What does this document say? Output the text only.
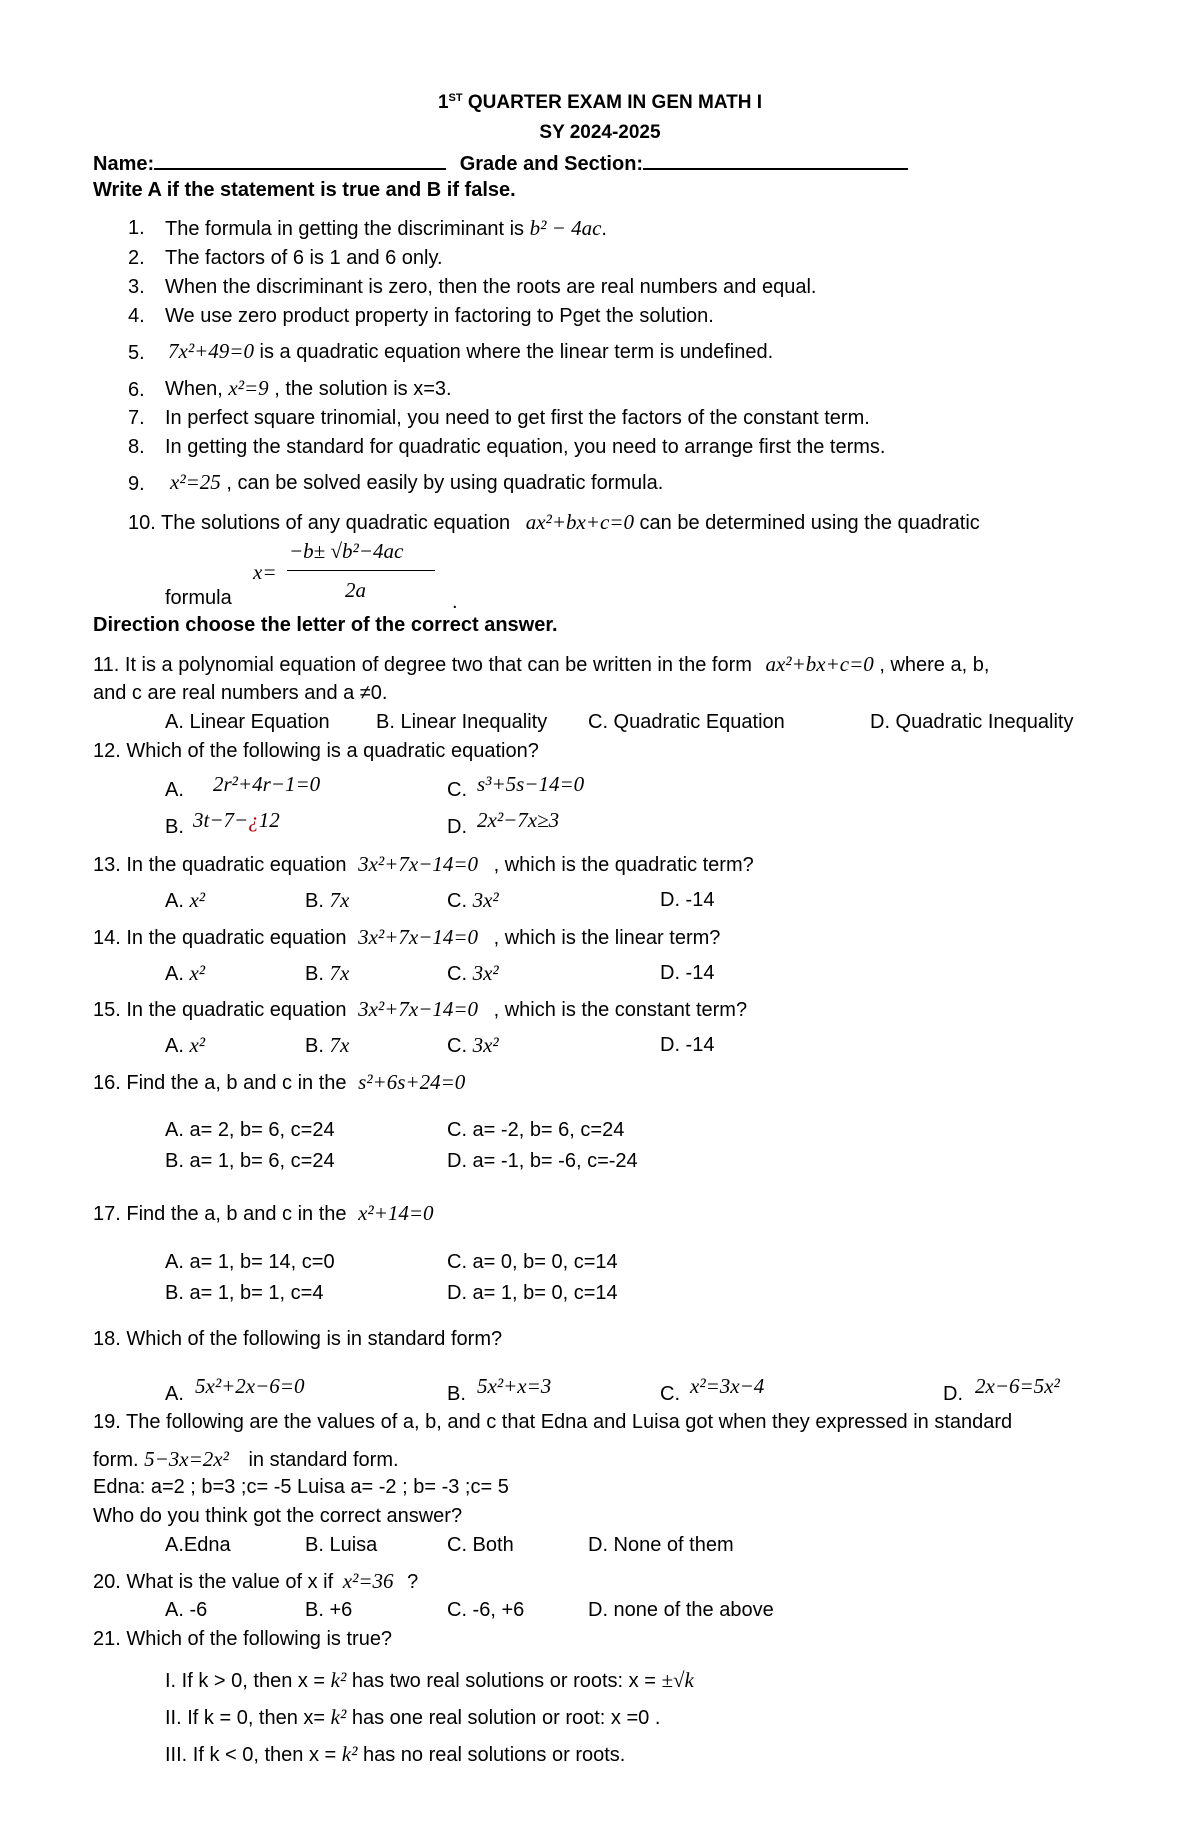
1ST QUARTER EXAM IN GEN MATH I
SY 2024-2025
Name:	Grade and Section:
Write A if the statement is true and B if false.
1. The formula in getting the discriminant is b² − 4ac.
2. The factors of 6 is 1 and 6 only.
3. When the discriminant is zero, then the roots are real numbers and equal.
4. We use zero product property in factoring to Pget the solution.
5. 7x²+49=0 is a quadratic equation where the linear term is undefined.
6. When, x²=9 , the solution is x=3.
7. In perfect square trinomial, you need to get first the factors of the constant term.
8. In getting the standard for quadratic equation, you need to arrange first the terms.
9. x²=25 , can be solved easily by using quadratic formula.
10. The solutions of any quadratic equation ax²+bx+c=0 can be determined using the quadratic
formula
x=
−b± √b²−4ac
2a	.
Direction choose the letter of the correct answer.
11. It is a polynomial equation of degree two that can be written in the form ax²+bx+c=0 , where a, b,
and c are real numbers and a ≠0.
A. Linear Equation B. Linear Inequality C. Quadratic Equation	D. Quadratic Inequality
12. Which of the following is a quadratic equation?
A. 2r²+4r−1=0	C. s³+5s−14=0
B. 3t−7−¿12	D. 2x²−7x≥3
13. In the quadratic equation 3x²+7x−14=0 , which is the quadratic term?
A. x²	B. 7x	C. 3x²	D. -14
14. In the quadratic equation 3x²+7x−14=0 , which is the linear term?
A. x²	B. 7x	C. 3x²	D. -14
15. In the quadratic equation 3x²+7x−14=0 , which is the constant term?
A. x²	B. 7x	C. 3x²	D. -14
16. Find the a, b and c in the s²+6s+24=0
A. a= 2, b= 6, c=24	C. a= -2, b= 6, c=24
B. a= 1, b= 6, c=24	D. a= -1, b= -6, c=-24
17. Find the a, b and c in the x²+14=0
A. a= 1, b= 14, c=0	C. a= 0, b= 0, c=14
B. a= 1, b= 1, c=4	D. a= 1, b= 0, c=14
18. Which of the following is in standard form?
A. 5x²+2x−6=0	B. 5x²+x=3	C. x²=3x−4	D. 2x−6=5x²
19. The following are the values of a, b, and c that Edna and Luisa got when they expressed in standard
form. 5−3x=2x² in standard form.
Edna: a=2 ; b=3 ;c= -5 Luisa a= -2 ; b= -3 ;c= 5
Who do you think got the correct answer?
A.Edna	B. Luisa	C. Both	D. None of them
20. What is the value of x if x²=36 ?
A. -6	B. +6	C. -6, +6	D. none of the above
21. Which of the following is true?
I. If k > 0, then x = k² has two real solutions or roots: x = ±√k
II. If k = 0, then x= k² has one real solution or root: x =0 .
III. If k < 0, then x = k² has no real solutions or roots.
